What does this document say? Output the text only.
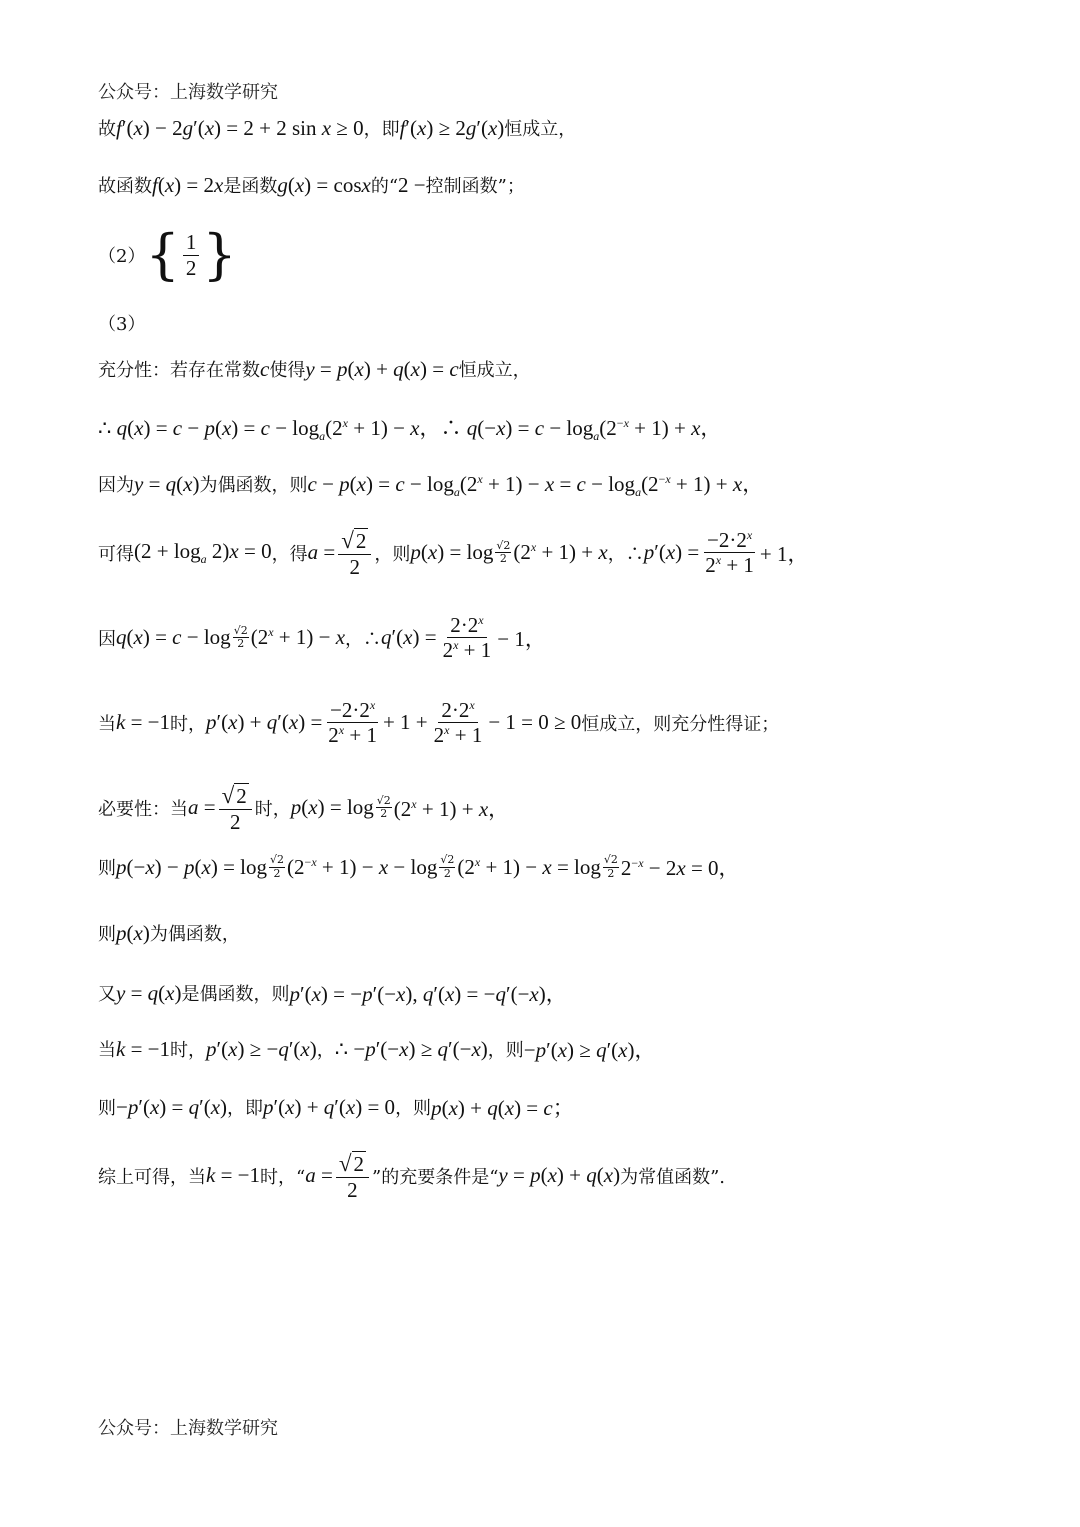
公众号：上海数学研究
故 f′(x) − 2g′(x) = 2 + 2 sin x ≥ 0 ，即 f′(x) ≥ 2g′(x) 恒成立，
故函数 f(x) = 2x 是函数 g(x) = cosx 的“ 2 − 控制函数”；
（2） { $\frac{1}{2}$ }
（3）
充分性：若存在常数 c 使得 y = p(x) + q(x) = c 恒成立，
∴ $q(x) = c - p(x) = c - \log_a(2^x + 1) - x$，∴ $q(-x) = c - \log_a(2^{-x} + 1) + x$，
因为 y = q(x) 为偶函数，则 $c - p(x) = c - \log_a(2^x + 1) - x = c - \log_a(2^{-x} + 1) + x$，
可得 $(2 + \log_a 2)x = 0$ ，得 $a = \frac{√ 2}{2}$ ，则 p(x) = log √2
2 $(2^x + 1) + x$ ，∴ $p'(x) = \frac{-2\cdot 2^x}{2^x + 1} + 1$，
因 q(x) = c − log √2
2 $(2^x + 1) - x$ ，∴ $q'(x) = \frac{2\cdot 2^x}{2^x + 1} - 1$，
当 k = −1 时， $p'(x) + q'(x) = \frac{-2\cdot 2^x}{2^x + 1} + 1 + \frac{2\cdot 2^x}{2^x + 1} - 1 = 0 \ge 0$ 恒成立，则充分性得证；
必要性：当 $a = \frac{√ 2}{2}$ 时， p(x) = log √2
2 $(2^x + 1) + x$，
则 p(−x) − p(x) = log √2
2 $(2^{-x} + 1) - x - \log √2$
2 $(2^x + 1) - x = \log √2$
2 $2^{-x} - 2x = 0$，
则 p(x) 为偶函数，
又 y = q(x) 是偶函数，则 p′(x) = −p′(−x), q′(x) = −q′(−x)，
当 k = −1 时， p′(x) ≥ −q′(x) ， ∴ −p′(−x) ≥ q′(−x) ，则 −p′(x) ≥ q′(x)，
则 −p′(x) = q′(x) ，即 p′(x) + q′(x) = 0 ，则 p(x) + q(x) = c；
综上可得，当 k = −1 时，“ $a = \frac{√ 2}{2}$ ”的充要条件是“ y = p(x) + q(x) 为常值函数”.
公众号：上海数学研究
